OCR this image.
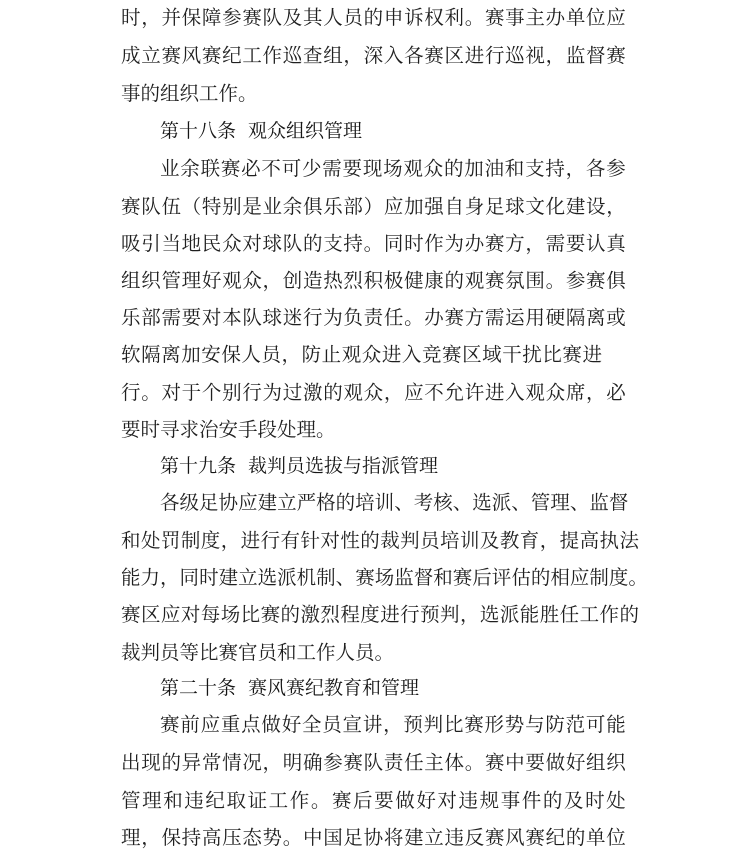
时 ， 并 保 障 参 赛 队 及 其 人 员 的 申 诉 权 利 。 赛 事 主 办 单 位 应
成 立 赛 风 赛 纪 工 作 巡 查 组 ， 深 入 各 赛 区 进 行 巡 视 ， 监 督 赛
事的组织工作。
第十八条 观众组织管理
业 余 联 赛 必 不 可 少 需 要 现 场 观 众 的 加 油 和 支 持 ， 各 参
赛 队 伍 （ 特 别 是 业 余 俱 乐 部 ） 应 加 强 自 身 足 球 文 化 建 设 ，
吸 引 当 地 民 众 对 球 队 的 支 持 。 同 时 作 为 办 赛 方 ， 需 要 认 真
组 织 管 理 好 观 众 ， 创 造 热 烈 积 极 健 康 的 观 赛 氛 围 。 参 赛 俱
乐 部 需 要 对 本 队 球 迷 行 为 负 责 任 。 办 赛 方 需 运 用 硬 隔 离 或
软 隔 离 加 安 保 人 员 ， 防 止 观 众 进 入 竞 赛 区 域 干 扰 比 赛 进
行 。 对 于 个 别 行 为 过 激 的 观 众 ， 应 不 允 许 进 入 观 众 席 ， 必
要时寻求治安手段处理。
第十九条 裁判员选拔与指派管理
各 级 足 协 应 建 立 严 格 的 培 训 、 考 核 、 选 派 、 管 理 、 监 督
和 处 罚 制 度 ， 进 行 有 针 对 性 的 裁 判 员 培 训 及 教 育 ， 提 高 执 法
能 力 ， 同 时 建 立 选 派 机 制 、 赛 场 监 督 和 赛 后 评 估 的 相 应 制 度 。
赛 区 应 对 每 场 比 赛 的 激 烈 程 度 进 行 预 判 ， 选 派 能 胜 任 工 作 的
裁判员等比赛官员和工作人员。
第二十条 赛风赛纪教育和管理
赛 前 应 重 点 做 好 全 员 宣 讲 ， 预 判 比 赛 形 势 与 防 范 可 能
出 现 的 异 常 情 况 ， 明 确 参 赛 队 责 任 主 体 。 赛 中 要 做 好 组 织
管 理 和 违 纪 取 证 工 作 。 赛 后 要 做 好 对 违 规 事 件 的 及 时 处
理 ， 保 持 高 压 态 势 。 中 国 足 协 将 建 立 违 反 赛 风 赛 纪 的 单 位
